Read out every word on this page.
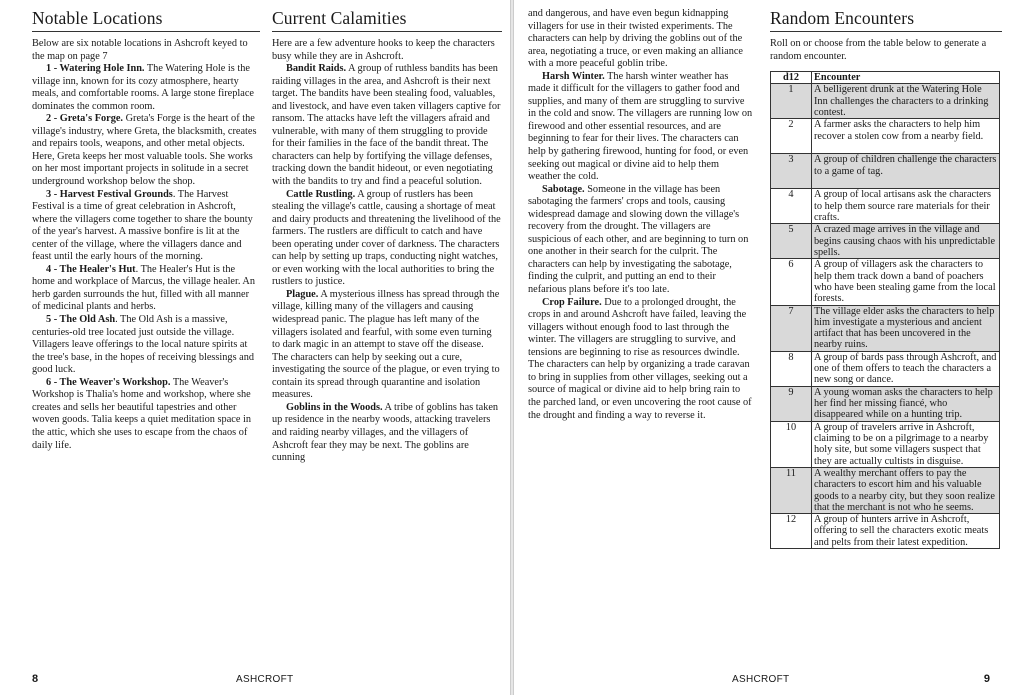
Notable Locations

Below are six notable locations in Ashcroft keyed to the map on page 7

1 - Watering Hole Inn. The Watering Hole is the village inn, known for its cozy atmosphere, hearty meals, and comfortable rooms. A large stone fireplace dominates the common room.

2 - Greta's Forge. Greta's Forge is the heart of the village's industry, where Greta, the blacksmith, creates and repairs tools, weapons, and other metal objects. Here, Greta keeps her most valuable tools. She works on her most important projects in solitude in a secret underground workshop below the shop.

3 - Harvest Festival Grounds. The Harvest Festival is a time of great celebration in Ashcroft, where the villagers come together to share the bounty of the year's harvest. A massive bonfire is lit at the center of the village, where the villagers dance and feast until the early hours of the morning.

4 - The Healer's Hut. The Healer's Hut is the home and workplace of Marcus, the village healer. An herb garden surrounds the hut, filled with all manner of medicinal plants and herbs.

5 - The Old Ash. The Old Ash is a massive, centuries-old tree located just outside the village. Villagers leave offerings to the local nature spirits at the tree's base, in the hopes of receiving blessings and good luck.

6 - The Weaver's Workshop. The Weaver's Workshop is Thalia's home and workshop, where she creates and sells her beautiful tapestries and other woven goods. Talia keeps a quiet meditation space in the attic, which she uses to escape from the chaos of daily life.

Current Calamities

Here are a few adventure hooks to keep the characters busy while they are in Ashcroft.

Bandit Raids. A group of ruthless bandits has been raiding villages in the area, and Ashcroft is their next target. The bandits have been stealing food, valuables, and livestock, and have even taken villagers captive for ransom. The attacks have left the villagers afraid and vulnerable, with many of them struggling to provide for their families in the face of the bandit threat. The characters can help by fortifying the village defenses, tracking down the bandit hideout, or even negotiating with the bandits to try and find a peaceful solution.

Cattle Rustling. A group of rustlers has been stealing the village's cattle, causing a shortage of meat and dairy products and threatening the livelihood of the farmers. The rustlers are difficult to catch and have been operating under cover of darkness. The characters can help by setting up traps, conducting night watches, or even working with the local authorities to bring the rustlers to justice.

Plague. A mysterious illness has spread through the village, killing many of the villagers and causing widespread panic. The plague has left many of the villagers isolated and fearful, with some even turning to dark magic in an attempt to stave off the disease. The characters can help by seeking out a cure, investigating the source of the plague, or even trying to contain its spread through quarantine and isolation measures.

Goblins in the Woods. A tribe of goblins has taken up residence in the nearby woods, attacking travelers and raiding nearby villages, and the villagers of Ashcroft fear they may be next. The goblins are cunning

8	ASHCROFT

and dangerous, and have even begun kidnapping villagers for use in their twisted experiments. The characters can help by driving the goblins out of the area, negotiating a truce, or even making an alliance with a more peaceful goblin tribe.

Harsh Winter. The harsh winter weather has made it difficult for the villagers to gather food and supplies, and many of them are struggling to survive in the cold and snow. The villagers are running low on firewood and other essential resources, and are beginning to fear for their lives. The characters can help by gathering firewood, hunting for food, or even seeking out magical or divine aid to help them weather the cold.

Sabotage. Someone in the village has been sabotaging the farmers' crops and tools, causing widespread damage and slowing down the village's recovery from the drought. The villagers are suspicious of each other, and are beginning to turn on one another in their search for the culprit. The characters can help by investigating the sabotage, finding the culprit, and putting an end to their nefarious plans before it's too late.

Crop Failure. Due to a prolonged drought, the crops in and around Ashcroft have failed, leaving the villagers without enough food to last through the winter. The villagers are struggling to survive, and tensions are beginning to rise as resources dwindle. The characters can help by organizing a trade caravan to bring in supplies from other villages, seeking out a source of magical or divine aid to help bring rain to the parched land, or even uncovering the root cause of the drought and finding a way to reverse it.

Random Encounters

Roll on or choose from the table below to generate a random encounter.

d12	Encounter
1	A belligerent drunk at the Watering Hole Inn challenges the characters to a drinking contest.
2	A farmer asks the characters to help him recover a stolen cow from a nearby field.
3	A group of children challenge the characters to a game of tag.
4	A group of local artisans ask the characters to help them source rare materials for their crafts.
5	A crazed mage arrives in the village and begins causing chaos with his unpredictable spells.
6	A group of villagers ask the characters to help them track down a band of poachers who have been stealing game from the local forests.
7	The village elder asks the characters to help him investigate a mysterious and ancient artifact that has been uncovered in the nearby ruins.
8	A group of bards pass through Ashcroft, and one of them offers to teach the characters a new song or dance.
9	A young woman asks the characters to help her find her missing fiancé, who disappeared while on a hunting trip.
10	A group of travelers arrive in Ashcroft, claiming to be on a pilgrimage to a nearby holy site, but some villagers suspect that they are actually cultists in disguise.
11	A wealthy merchant offers to pay the characters to escort him and his valuable goods to a nearby city, but they soon realize that the merchant is not who he seems.
12	A group of hunters arrive in Ashcroft, offering to sell the characters exotic meats and pelts from their latest expedition.
ASHCROFT	9
